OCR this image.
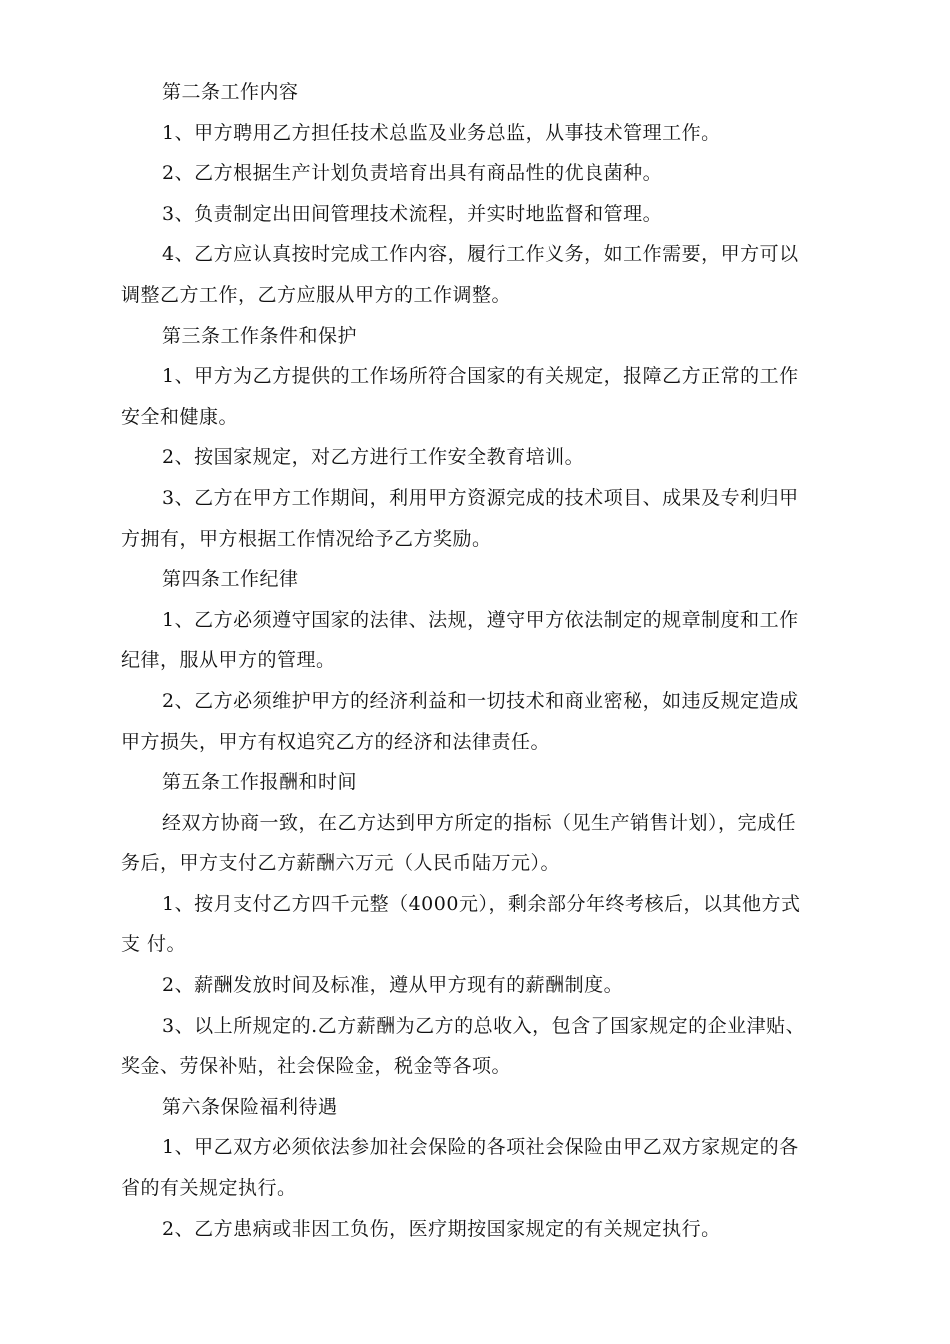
第二条工作内容
1、甲方聘用乙方担任技术总监及业务总监，从事技术管理工作。
2、乙方根据生产计划负责培育出具有商品性的优良菌种。
3、负责制定出田间管理技术流程，并实时地监督和管理。
4、乙方应认真按时完成工作内容，履行工作义务，如工作需要，甲方可以
调整乙方工作，乙方应服从甲方的工作调整。
第三条工作条件和保护
1、甲方为乙方提供的工作场所符合国家的有关规定，报障乙方正常的工作
安全和健康。
2、按国家规定，对乙方进行工作安全教育培训。
3、乙方在甲方工作期间，利用甲方资源完成的技术项目、成果及专利归甲
方拥有，甲方根据工作情况给予乙方奖励。
第四条工作纪律
1、乙方必须遵守国家的法律、法规，遵守甲方依法制定的规章制度和工作
纪律，服从甲方的管理。
2、乙方必须维护甲方的经济利益和一切技术和商业密秘，如违反规定造成
甲方损失，甲方有权追究乙方的经济和法律责任。
第五条工作报酬和时间
经双方协商一致，在乙方达到甲方所定的指标（见生产销售计划），完成任
务后，甲方支付乙方薪酬六万元（人民币陆万元）。
1、按月支付乙方四千元整（4000元），剩余部分年终考核后，以其他方式
支 付。
2、薪酬发放时间及标准，遵从甲方现有的薪酬制度。
3、以上所规定的.乙方薪酬为乙方的总收入，包含了国家规定的企业津贴、
奖金、劳保补贴，社会保险金，税金等各项。
第六条保险福利待遇
1、甲乙双方必须依法参加社会保险的各项社会保险由甲乙双方家规定的各
省的有关规定执行。
2、乙方患病或非因工负伤，医疗期按国家规定的有关规定执行。
